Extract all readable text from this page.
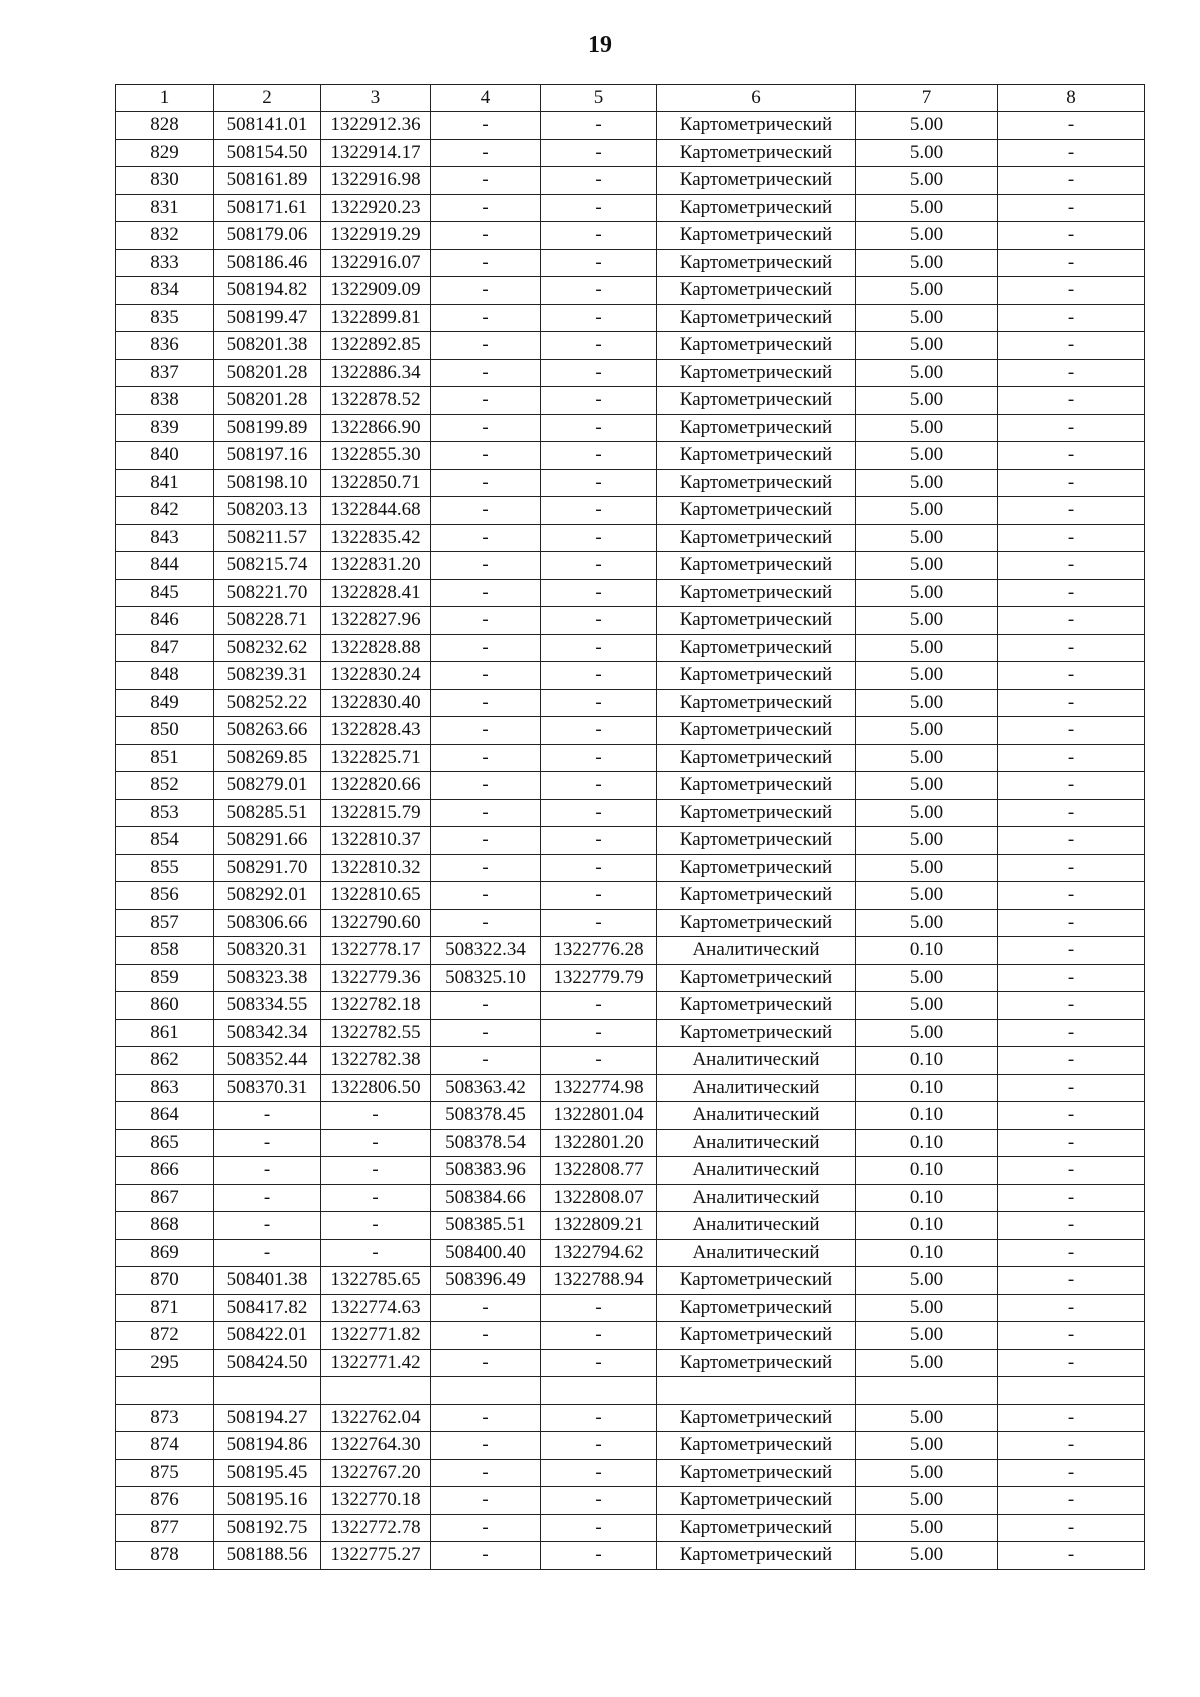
19
1	2	3	4	5	6	7	8
828	508141.01	1322912.36	-	-	Картометрический	5.00	-
829	508154.50	1322914.17	-	-	Картометрический	5.00	-
830	508161.89	1322916.98	-	-	Картометрический	5.00	-
831	508171.61	1322920.23	-	-	Картометрический	5.00	-
832	508179.06	1322919.29	-	-	Картометрический	5.00	-
833	508186.46	1322916.07	-	-	Картометрический	5.00	-
834	508194.82	1322909.09	-	-	Картометрический	5.00	-
835	508199.47	1322899.81	-	-	Картометрический	5.00	-
836	508201.38	1322892.85	-	-	Картометрический	5.00	-
837	508201.28	1322886.34	-	-	Картометрический	5.00	-
838	508201.28	1322878.52	-	-	Картометрический	5.00	-
839	508199.89	1322866.90	-	-	Картометрический	5.00	-
840	508197.16	1322855.30	-	-	Картометрический	5.00	-
841	508198.10	1322850.71	-	-	Картометрический	5.00	-
842	508203.13	1322844.68	-	-	Картометрический	5.00	-
843	508211.57	1322835.42	-	-	Картометрический	5.00	-
844	508215.74	1322831.20	-	-	Картометрический	5.00	-
845	508221.70	1322828.41	-	-	Картометрический	5.00	-
846	508228.71	1322827.96	-	-	Картометрический	5.00	-
847	508232.62	1322828.88	-	-	Картометрический	5.00	-
848	508239.31	1322830.24	-	-	Картометрический	5.00	-
849	508252.22	1322830.40	-	-	Картометрический	5.00	-
850	508263.66	1322828.43	-	-	Картометрический	5.00	-
851	508269.85	1322825.71	-	-	Картометрический	5.00	-
852	508279.01	1322820.66	-	-	Картометрический	5.00	-
853	508285.51	1322815.79	-	-	Картометрический	5.00	-
854	508291.66	1322810.37	-	-	Картометрический	5.00	-
855	508291.70	1322810.32	-	-	Картометрический	5.00	-
856	508292.01	1322810.65	-	-	Картометрический	5.00	-
857	508306.66	1322790.60	-	-	Картометрический	5.00	-
858	508320.31	1322778.17	508322.34	1322776.28	Аналитический	0.10	-
859	508323.38	1322779.36	508325.10	1322779.79	Картометрический	5.00	-
860	508334.55	1322782.18	-	-	Картометрический	5.00	-
861	508342.34	1322782.55	-	-	Картометрический	5.00	-
862	508352.44	1322782.38	-	-	Аналитический	0.10	-
863	508370.31	1322806.50	508363.42	1322774.98	Аналитический	0.10	-
864	-	-	508378.45	1322801.04	Аналитический	0.10	-
865	-	-	508378.54	1322801.20	Аналитический	0.10	-
866	-	-	508383.96	1322808.77	Аналитический	0.10	-
867	-	-	508384.66	1322808.07	Аналитический	0.10	-
868	-	-	508385.51	1322809.21	Аналитический	0.10	-
869	-	-	508400.40	1322794.62	Аналитический	0.10	-
870	508401.38	1322785.65	508396.49	1322788.94	Картометрический	5.00	-
871	508417.82	1322774.63	-	-	Картометрический	5.00	-
872	508422.01	1322771.82	-	-	Картометрический	5.00	-
295	508424.50	1322771.42	-	-	Картометрический	5.00	-

873	508194.27	1322762.04	-	-	Картометрический	5.00	-
874	508194.86	1322764.30	-	-	Картометрический	5.00	-
875	508195.45	1322767.20	-	-	Картометрический	5.00	-
876	508195.16	1322770.18	-	-	Картометрический	5.00	-
877	508192.75	1322772.78	-	-	Картометрический	5.00	-
878	508188.56	1322775.27	-	-	Картометрический	5.00	-
